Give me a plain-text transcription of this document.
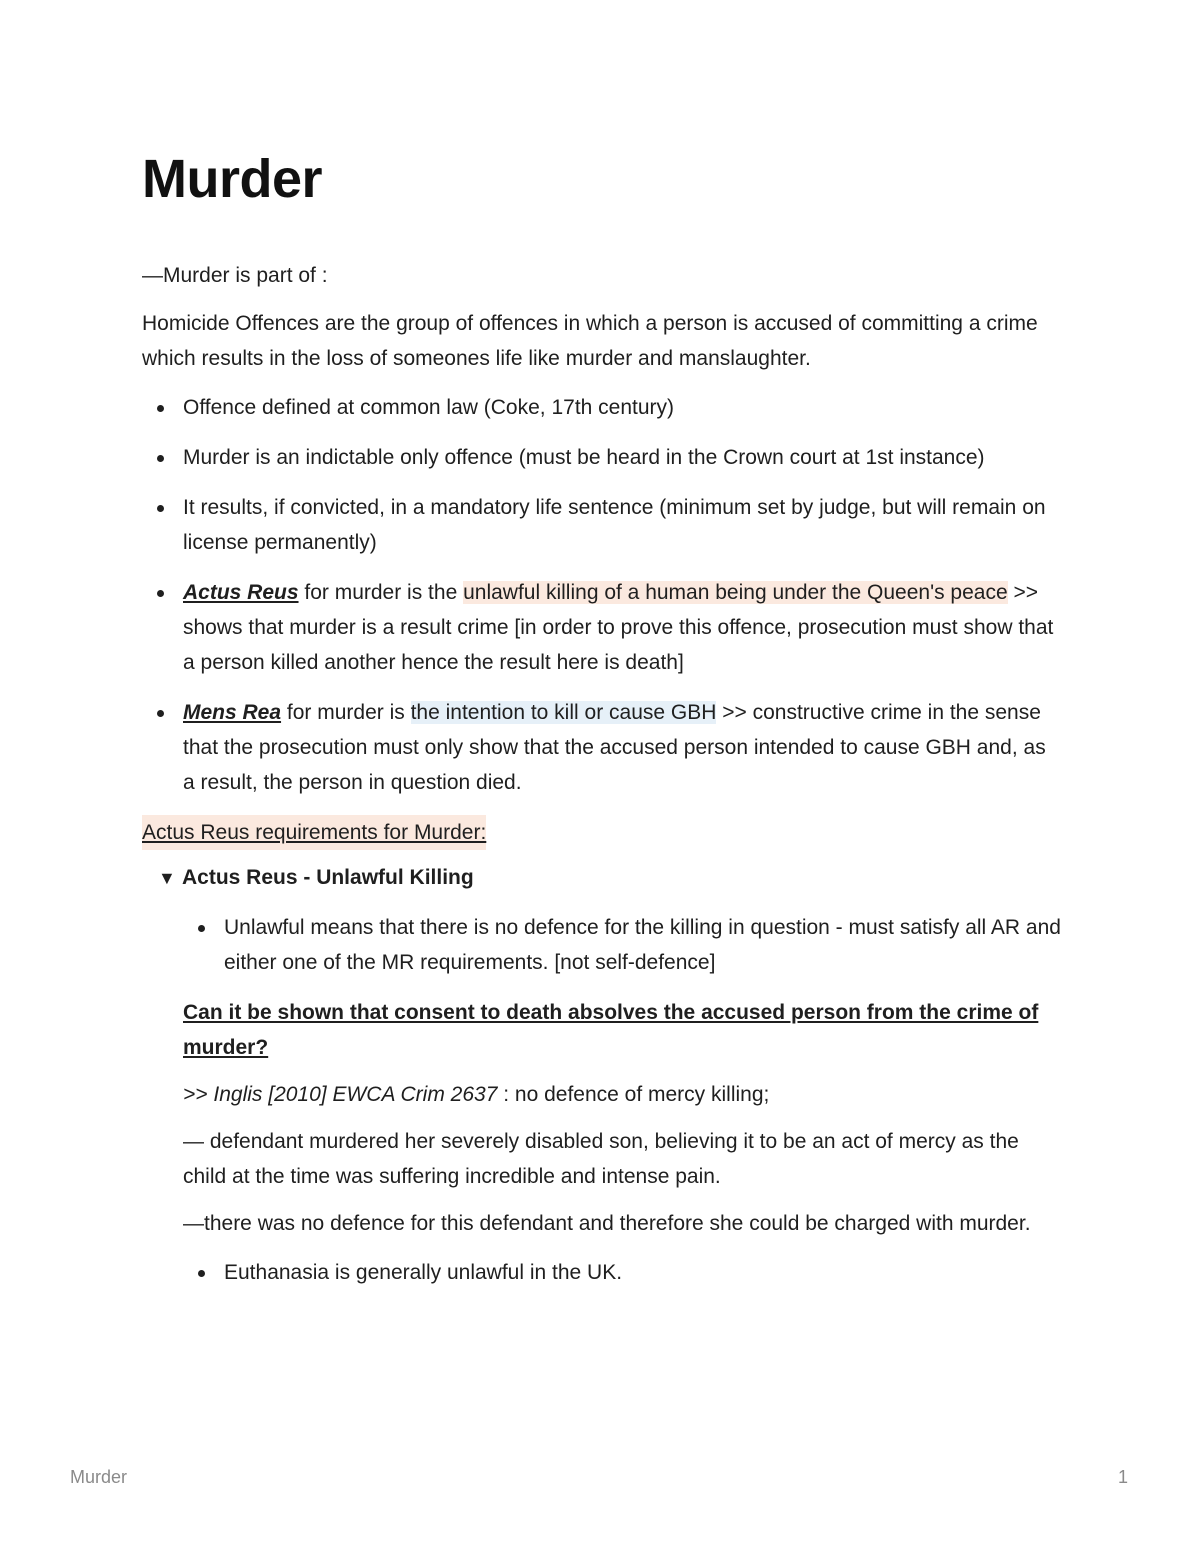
Murder

—Murder is part of :

Homicide Offences are the group of offences in which a person is accused of committing a crime which results in the loss of someones life like murder and manslaughter.

Offence defined at common law (Coke, 17th century)
Murder is an indictable only offence (must be heard in the Crown court at 1st instance)
It results, if convicted, in a mandatory life sentence (minimum set by judge, but will remain on license permanently)
Actus Reus for murder is the unlawful killing of a human being under the Queen's peace >> shows that murder is a result crime [in order to prove this offence, prosecution must show that a person killed another hence the result here is death]
Mens Rea for murder is the intention to kill or cause GBH >> constructive crime in the sense that the prosecution must only show that the accused person intended to cause GBH and, as a result, the person in question died.

Actus Reus requirements for Murder:

▼ Actus Reus - Unlawful Killing
Unlawful means that there is no defence for the killing in question - must satisfy all AR and either one of the MR requirements. [not self-defence]

Can it be shown that consent to death absolves the accused person from the crime of murder?

>> Inglis [2010] EWCA Crim 2637 : no defence of mercy killing;

— defendant murdered her severely disabled son, believing it to be an act of mercy as the child at the time was suffering incredible and intense pain.

—there was no defence for this defendant and therefore she could be charged with murder.

Euthanasia is generally unlawful in the UK.
Murder	1
